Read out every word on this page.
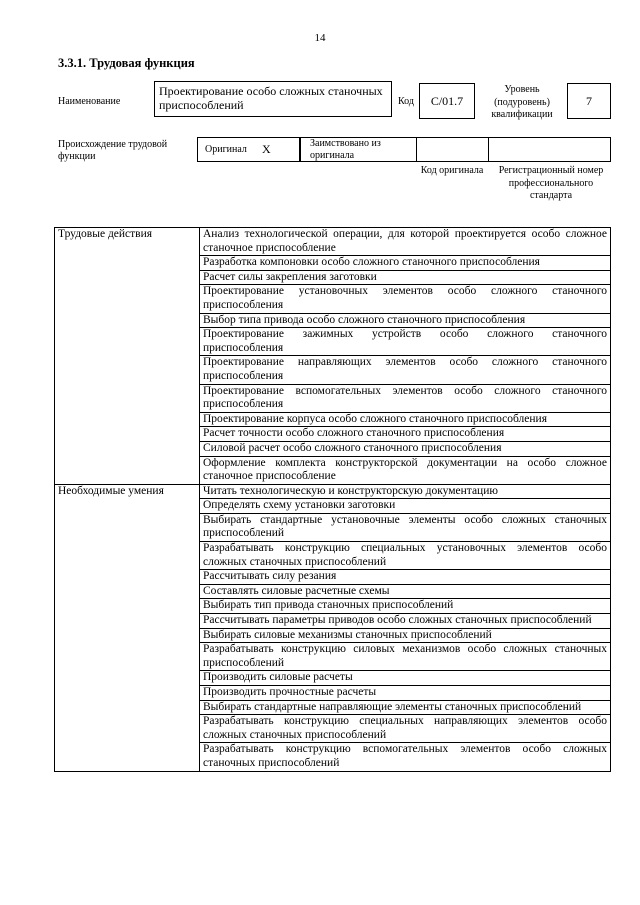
14
3.3.1. Трудовая функция
Наименование
Проектирование особо сложных станочных приспособлений	Код	C/01.7
Уровень (подуровень) квалификации
7
Происхождение трудовой функции
Оригинал X	Заимствовано из оригинала
Код оригинала Регистрационный номер профессионального стандарта
Трудовые действия	Анализ технологической операции, для которой проектируется особо сложное станочное приспособление
	Разработка компоновки особо сложного станочного приспособления
	Расчет силы закрепления заготовки
	Проектирование установочных элементов особо сложного станочного приспособления
	Выбор типа привода особо сложного станочного приспособления
	Проектирование зажимных устройств особо сложного станочного приспособления
	Проектирование направляющих элементов особо сложного станочного приспособления
	Проектирование вспомогательных элементов особо сложного станочного приспособления
	Проектирование корпуса особо сложного станочного приспособления
	Расчет точности особо сложного станочного приспособления
	Силовой расчет особо сложного станочного приспособления
	Оформление комплекта конструкторской документации на особо сложное станочное приспособление
Необходимые умения	Читать технологическую и конструкторскую документацию
	Определять схему установки заготовки
	Выбирать стандартные установочные элементы особо сложных станочных приспособлений
	Разрабатывать конструкцию специальных установочных элементов особо сложных станочных приспособлений
	Рассчитывать силу резания
	Составлять силовые расчетные схемы
	Выбирать тип привода станочных приспособлений
	Рассчитывать параметры приводов особо сложных станочных приспособлений
	Выбирать силовые механизмы станочных приспособлений
	Разрабатывать конструкцию силовых механизмов особо сложных станочных приспособлений
	Производить силовые расчеты
	Производить прочностные расчеты
	Выбирать стандартные направляющие элементы станочных приспособлений
	Разрабатывать конструкцию специальных направляющих элементов особо сложных станочных приспособлений
	Разрабатывать конструкцию вспомогательных элементов особо сложных станочных приспособлений
